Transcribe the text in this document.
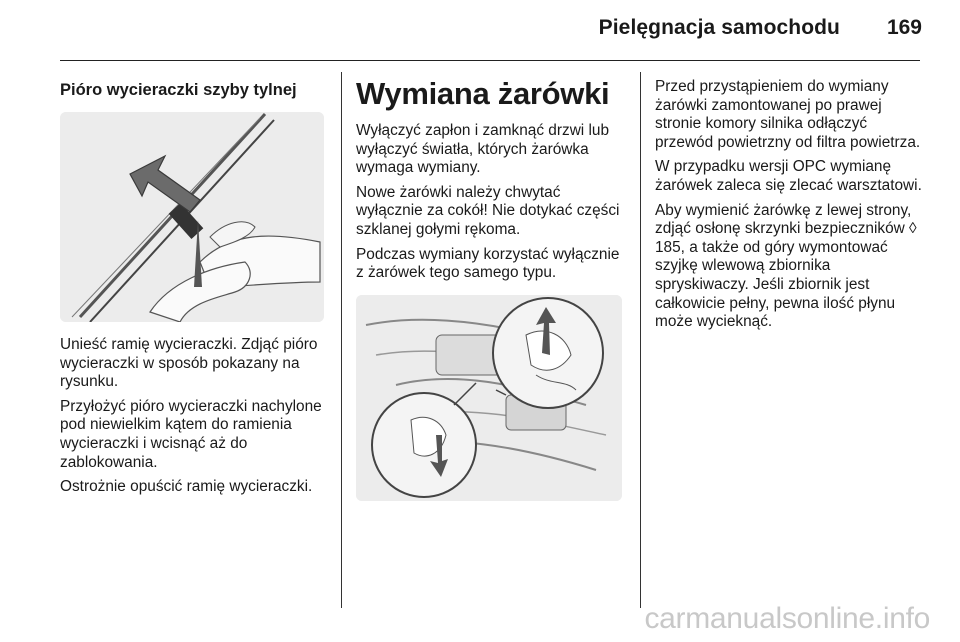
Pielęgnacja samochodu	169
Pióro wycieraczki szyby tylnej

Unieść ramię wycieraczki. Zdjąć pióro wycieraczki w sposób pokazany na rysunku.

Przyłożyć pióro wycieraczki nachylone pod niewielkim kątem do ramienia wycieraczki i wcisnąć aż do zablokowania.

Ostrożnie opuścić ramię wycieraczki.

Wymiana żarówki

Wyłączyć zapłon i zamknąć drzwi lub wyłączyć światła, których żarówka wymaga wymiany.

Nowe żarówki należy chwytać wyłącznie za cokół! Nie dotykać części szklanej gołymi rękoma.

Podczas wymiany korzystać wyłącznie z żarówek tego samego typu.

Przed przystąpieniem do wymiany żarówki zamontowanej po prawej stronie komory silnika odłączyć przewód powietrzny od filtra powietrza.

W przypadku wersji OPC wymianę żarówek zaleca się zlecać warsztatowi.

Aby wymienić żarówkę z lewej strony, zdjąć osłonę skrzynki bezpieczników ◊ 185, a także od góry wymontować szyjkę wlewową zbiornika spryskiwaczy. Jeśli zbiornik jest całkowicie pełny, pewna ilość płynu może wycieknąć.

carmanualsonline.info
